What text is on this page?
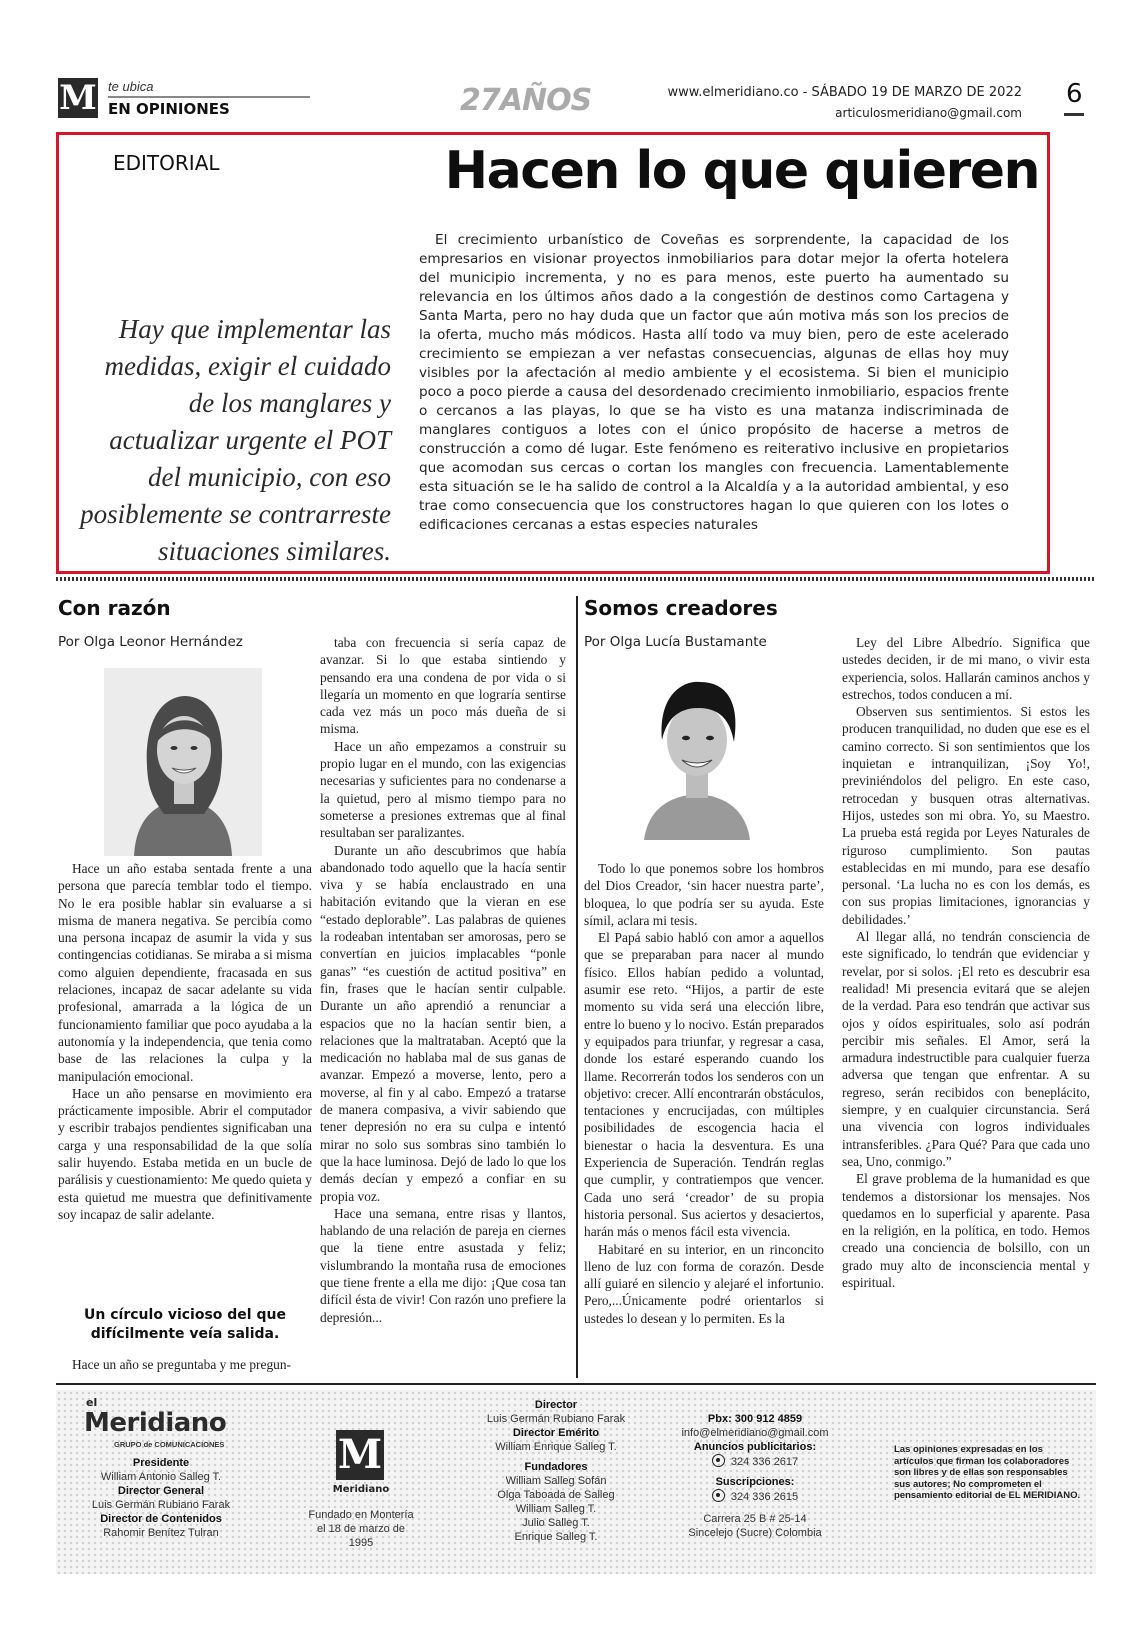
M te ubica
EN OPINIONES	27AÑOS	www.elmeridiano.co - SÁBADO 19 DE MARZO DE 2022
articulosmeridiano@gmail.com
6
EDITORIAL	Hacen lo que quieren
Hay que implementar las medidas, exigir el cuidado de los manglares y actualizar urgente el POT del municipio, con eso posiblemente se contrarreste situaciones similares.
El crecimiento urbanístico de Coveñas es sorprendente, la capacidad de los empresarios en visionar proyectos inmobiliarios para dotar mejor la oferta hotelera del municipio incrementa, y no es para menos, este puerto ha aumentado su relevancia en los últimos años dado a la congestión de destinos como Cartagena y Santa Marta, pero no hay duda que un factor que aún motiva más son los precios de la oferta, mucho más módicos. Hasta allí todo va muy bien, pero de este acelerado crecimiento se empiezan a ver nefastas consecuencias, algunas de ellas hoy muy visibles por la afectación al medio ambiente y el ecosistema. Si bien el municipio poco a poco pierde a causa del desordenado crecimiento inmobiliario, espacios frente o cercanos a las playas, lo que se ha visto es una matanza indiscriminada de manglares contiguos a lotes con el único propósito de hacerse a metros de construcción a como dé lugar. Este fenómeno es reiterativo inclusive en propietarios que acomodan sus cercas o cortan los mangles con frecuencia. Lamentablemente esta situación se le ha salido de control a la Alcaldía y a la autoridad ambiental, y eso trae como consecuencia que los constructores hagan lo que quieren con los lotes o edificaciones cercanas a estas especies naturales
Con razón
Por Olga Leonor Hernández

Hace un año estaba sentada frente a una persona que parecía temblar todo el tiempo. No le era posible hablar sin evaluarse a si misma de manera negativa. Se percibía como una persona incapaz de asumir la vida y sus contingencias cotidianas. Se miraba a si misma como alguien dependiente, fracasada en sus relaciones, incapaz de sacar adelante su vida profesional, amarrada a la lógica de un funcionamiento familiar que poco ayudaba a la autonomía y la independencia, que tenia como base de las relaciones la culpa y la manipulación emocional.

Hace un año pensarse en movimiento era prácticamente imposible. Abrir el computador y escribir trabajos pendientes significaban una carga y una responsabilidad de la que solía salir huyendo. Estaba metida en un bucle de parálisis y cuestionamiento: Me quedo quieta y esta quietud me muestra que definitivamente soy incapaz de salir adelante.

Un círculo vicioso del que difícilmente veía salida.

Hace un año se preguntaba y me pregun-

taba con frecuencia si sería capaz de avanzar. Si lo que estaba sintiendo y pensando era una condena de por vida o si llegaría un momento en que lograría sentirse cada vez más un poco más dueña de si misma.

Hace un año empezamos a construir su propio lugar en el mundo, con las exigencias necesarias y suficientes para no condenarse a la quietud, pero al mismo tiempo para no someterse a presiones extremas que al final resultaban ser paralizantes.

Durante un año descubrimos que había abandonado todo aquello que la hacía sentir viva y se había enclaustrado en una habitación evitando que la vieran en ese “estado deplorable”. Las palabras de quienes la rodeaban intentaban ser amorosas, pero se convertían en juicios implacables “ponle ganas” “es cuestión de actitud positiva” en fin, frases que le hacían sentir culpable. Durante un año aprendió a renunciar a espacios que no la hacían sentir bien, a relaciones que la maltrataban. Aceptó que la medicación no hablaba mal de sus ganas de avanzar. Empezó a moverse, lento, pero a moverse, al fin y al cabo. Empezó a tratarse de manera compasiva, a vivir sabiendo que tener depresión no era su culpa e intentó mirar no solo sus sombras sino también lo que la hace luminosa. Dejó de lado lo que los demás decían y empezó a confiar en su propia voz.

Hace una semana, entre risas y llantos, hablando de una relación de pareja en ciernes que la tiene entre asustada y feliz; vislumbrando la montaña rusa de emociones que tiene frente a ella me dijo: ¡Que cosa tan difícil ésta de vivir! Con razón uno prefiere la depresión...

Somos creadores
Por Olga Lucía Bustamante

Todo lo que ponemos sobre los hombros del Dios Creador, ‘sin hacer nuestra parte’, bloquea, lo que podría ser su ayuda. Este símil, aclara mi tesis.

El Papá sabio habló con amor a aquellos que se preparaban para nacer al mundo físico. Ellos habían pedido a voluntad, asumir ese reto. “Hijos, a partir de este momento su vida será una elección libre, entre lo bueno y lo nocivo. Están preparados y equipados para triunfar, y regresar a casa, donde los estaré esperando cuando los llame. Recorrerán todos los senderos con un objetivo: crecer. Allí encontrarán obstáculos, tentaciones y encrucijadas, con múltiples posibilidades de escogencia hacia el bienestar o hacia la desventura. Es una Experiencia de Superación. Tendrán reglas que cumplir, y contratiempos que vencer. Cada uno será ‘creador’ de su propia historia personal. Sus aciertos y desaciertos, harán más o menos fácil esta vivencia.

Habitaré en su interior, en un rinconcito lleno de luz con forma de corazón. Desde allí guiaré en silencio y alejaré el infortunio. Pero,...Únicamente podré orientarlos si ustedes lo desean y lo permiten. Es la

Ley del Libre Albedrío. Significa que ustedes deciden, ir de mi mano, o vivir esta experiencia, solos. Hallarán caminos anchos y estrechos, todos conducen a mí.

Observen sus sentimientos. Si estos les producen tranquilidad, no duden que ese es el camino correcto. Si son sentimientos que los inquietan e intranquilizan, ¡Soy Yo!, previniéndolos del peligro. En este caso, retrocedan y busquen otras alternativas. Hijos, ustedes son mi obra. Yo, su Maestro. La prueba está regida por Leyes Naturales de riguroso cumplimiento. Son pautas establecidas en mi mundo, para ese desafío personal. ‘La lucha no es con los demás, es con sus propias limitaciones, ignorancias y debilidades.’

Al llegar allá, no tendrán consciencia de este significado, lo tendrán que evidenciar y revelar, por si solos. ¡El reto es descubrir esa realidad! Mi presencia evitará que se alejen de la verdad. Para eso tendrán que activar sus ojos y oídos espirituales, solo así podrán percibir mis señales. El Amor, será la armadura indestructible para cualquier fuerza adversa que tengan que enfrentar. A su regreso, serán recibidos con beneplácito, siempre, y en cualquier circunstancia. Será una vivencia con logros individuales intransferibles. ¿Para Qué? Para que cada uno sea, Uno, conmigo.”

El grave problema de la humanidad es que tendemos a distorsionar los mensajes. Nos quedamos en lo superficial y aparente. Pasa en la religión, en la política, en todo. Hemos creado una conciencia de bolsillo, con un grado muy alto de inconsciencia mental y espiritual.

el
Meridiano
GRUPO de COMUNICACIONES
Presidente
William Antonio Salleg T.
Director General
Luis Germán Rubiano Farak
Director de Contenidos
Rahomir Benítez Tulran
M
Meridiano
Fundado en Montería el 18 de marzo de 1995
Director
Luis Germán Rubiano Farak
Director Emérito
William Enrique Salleg T.
Fundadores
William Salleg Sofán
Olga Taboada de Salleg
William Salleg T.
Julio Salleg T.
Enrique Salleg T.
Pbx: 300 912 4859
info@elmeridiano@gmail.com
Anuncios publicitarios:
324 336 2617
Suscripciones:
324 336 2615
Carrera 25 B # 25-14
Sincelejo (Sucre) Colombia
Las opiniones expresadas en los artículos que firman los colaboradores son libres y de ellas son responsables sus autores; No comprometen el pensamiento editorial de EL MERIDIANO.
